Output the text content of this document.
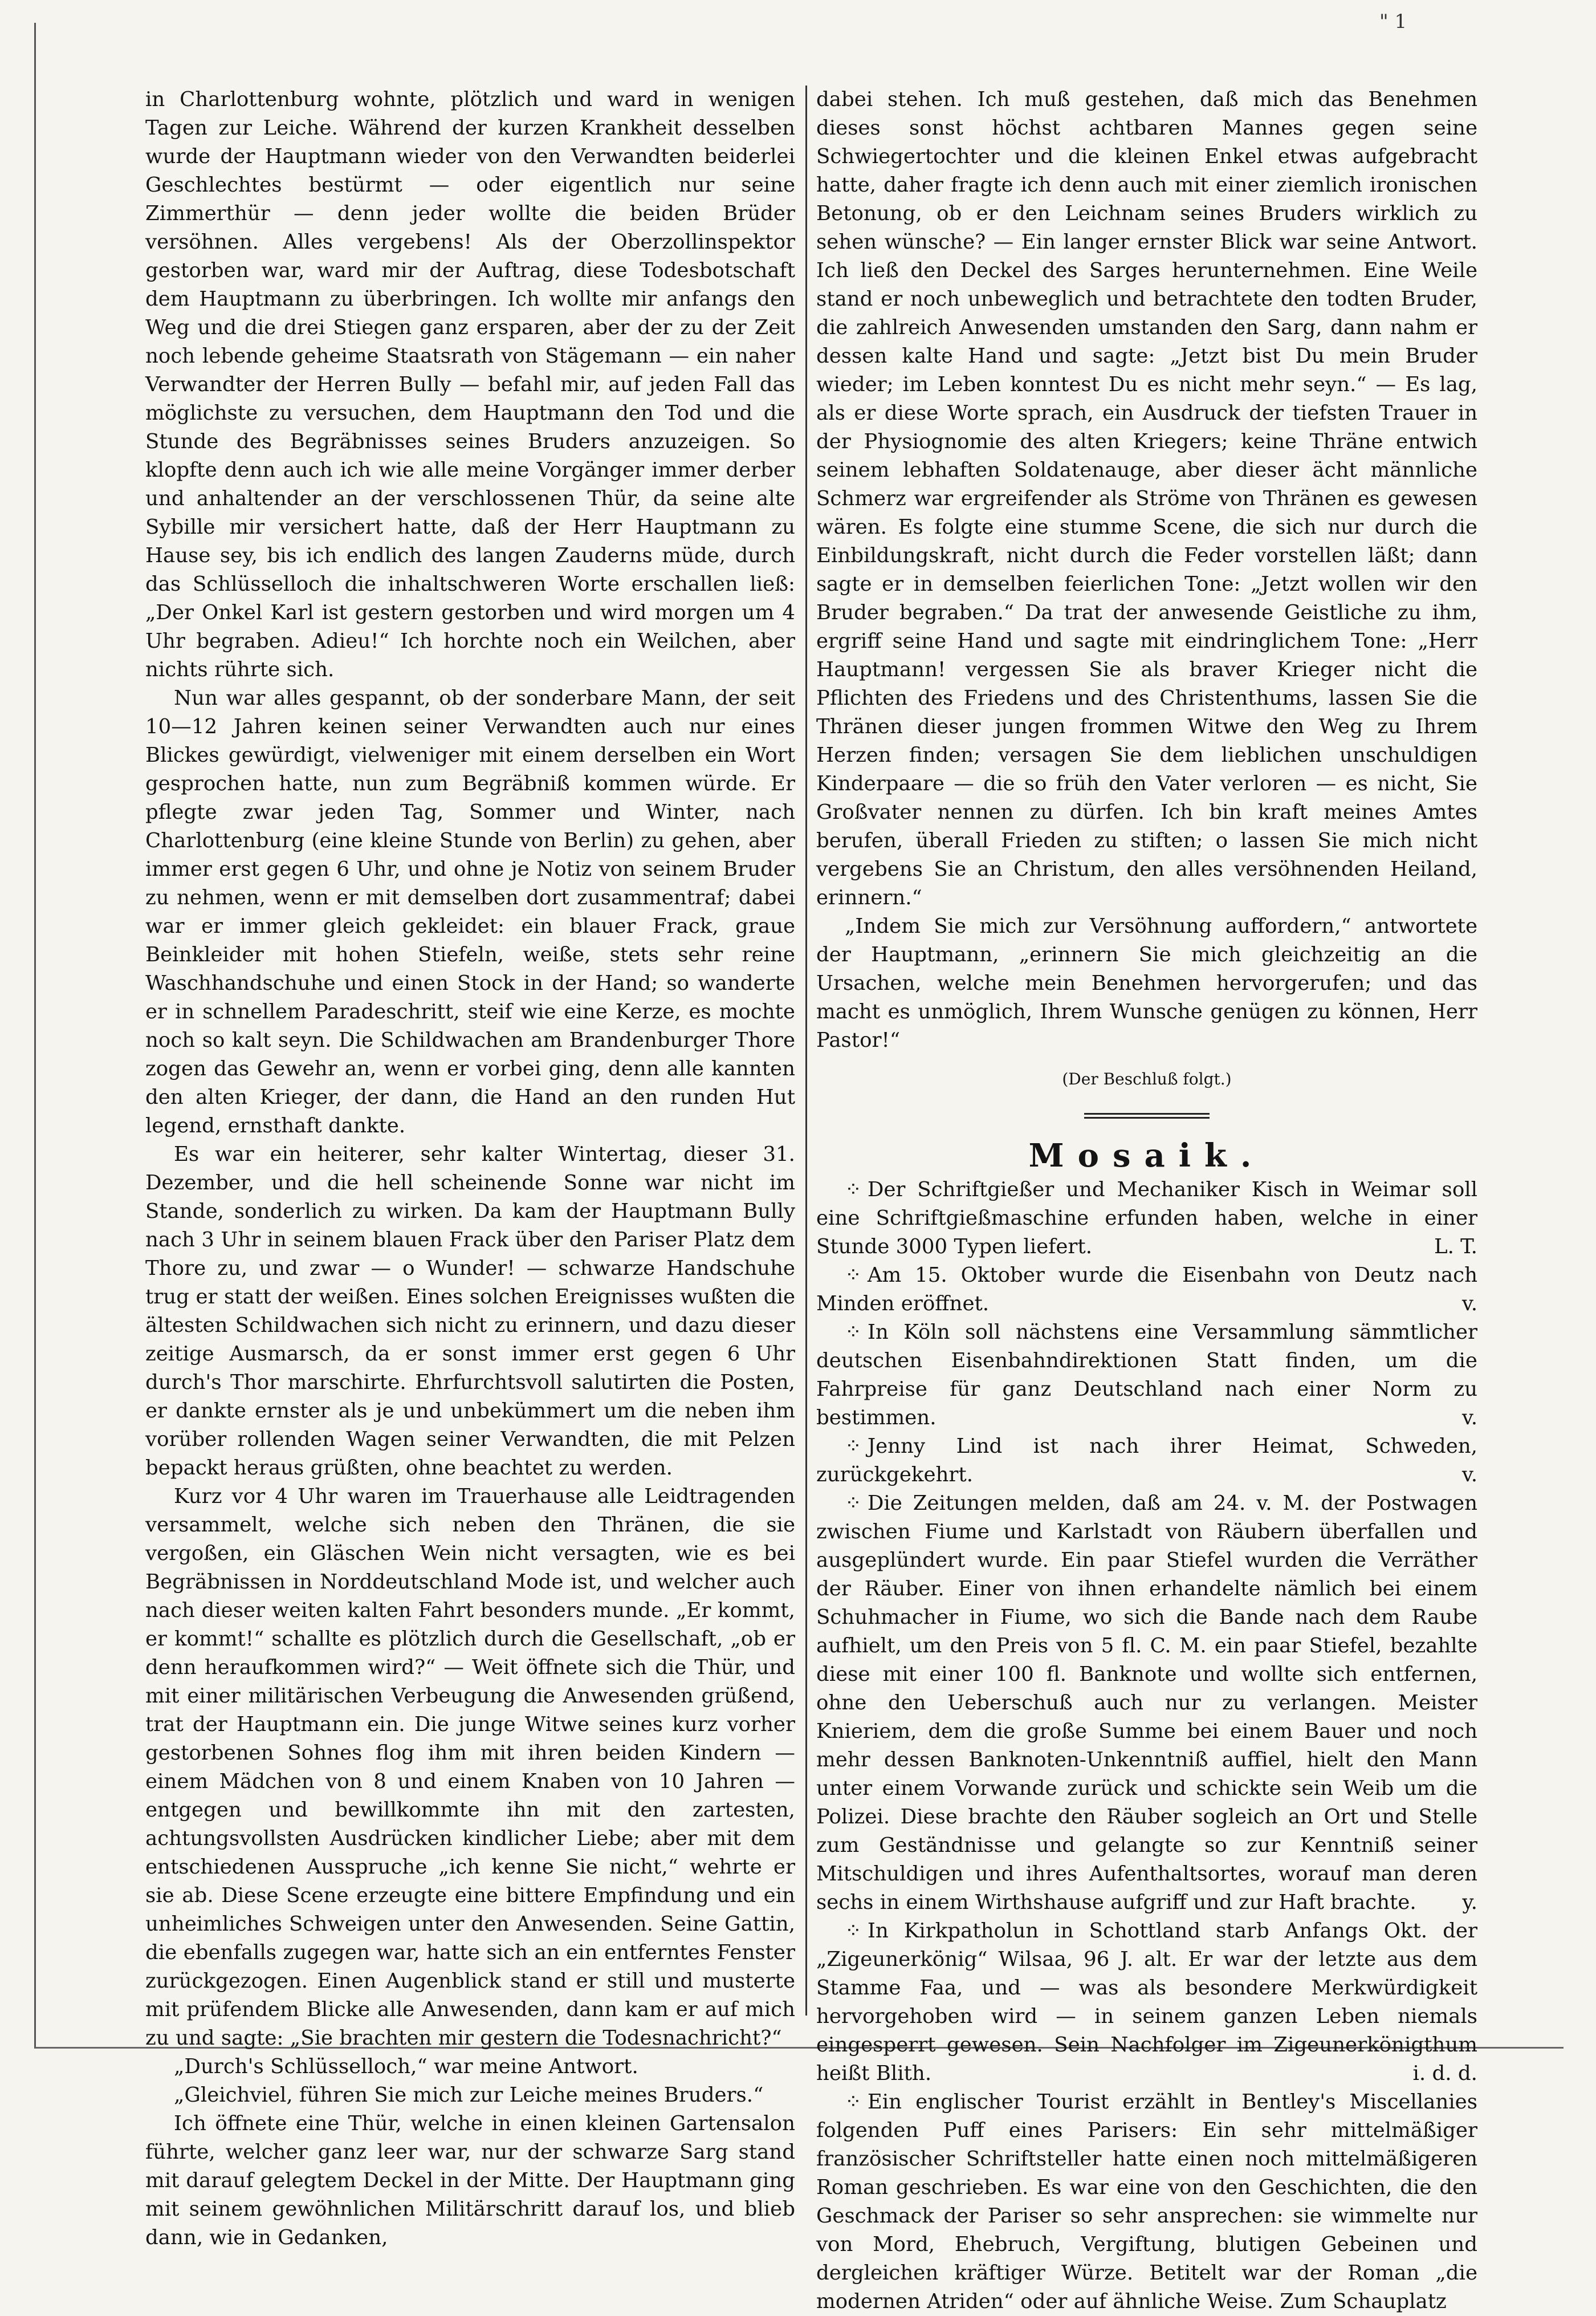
" 1

in Charlottenburg wohnte, plötzlich und ward in wenigen Tagen zur Leiche. Während der kurzen Krankheit desselben wurde der Hauptmann wieder von den Verwandten beiderlei Geschlechtes bestürmt — oder eigentlich nur seine Zimmerthür — denn jeder wollte die beiden Brüder versöhnen. Alles vergebens! Als der Oberzollinspektor gestorben war, ward mir der Auftrag, diese Todesbotschaft dem Hauptmann zu überbringen. Ich wollte mir anfangs den Weg und die drei Stiegen ganz ersparen, aber der zu der Zeit noch lebende geheime Staatsrath von Stägemann — ein naher Verwandter der Herren Bully — befahl mir, auf jeden Fall das möglichste zu versuchen, dem Hauptmann den Tod und die Stunde des Begräbnisses seines Bruders anzuzeigen. So klopfte denn auch ich wie alle meine Vorgänger immer derber und anhaltender an der verschlossenen Thür, da seine alte Sybille mir versichert hatte, daß der Herr Hauptmann zu Hause sey, bis ich endlich des langen Zauderns müde, durch das Schlüsselloch die inhaltschweren Worte erschallen ließ: „Der Onkel Karl ist gestern gestorben und wird morgen um 4 Uhr begraben. Adieu!“ Ich horchte noch ein Weilchen, aber nichts rührte sich.

Nun war alles gespannt, ob der sonderbare Mann, der seit 10—12 Jahren keinen seiner Verwandten auch nur eines Blickes gewürdigt, vielweniger mit einem derselben ein Wort gesprochen hatte, nun zum Begräbniß kommen würde. Er pflegte zwar jeden Tag, Sommer und Winter, nach Charlottenburg (eine kleine Stunde von Berlin) zu gehen, aber immer erst gegen 6 Uhr, und ohne je Notiz von seinem Bruder zu nehmen, wenn er mit demselben dort zusammentraf; dabei war er immer gleich gekleidet: ein blauer Frack, graue Beinkleider mit hohen Stiefeln, weiße, stets sehr reine Waschhandschuhe und einen Stock in der Hand; so wanderte er in schnellem Paradeschritt, steif wie eine Kerze, es mochte noch so kalt seyn. Die Schildwachen am Brandenburger Thore zogen das Gewehr an, wenn er vorbei ging, denn alle kannten den alten Krieger, der dann, die Hand an den runden Hut legend, ernsthaft dankte.

Es war ein heiterer, sehr kalter Wintertag, dieser 31. Dezember, und die hell scheinende Sonne war nicht im Stande, sonderlich zu wirken. Da kam der Hauptmann Bully nach 3 Uhr in seinem blauen Frack über den Pariser Platz dem Thore zu, und zwar — o Wunder! — schwarze Handschuhe trug er statt der weißen. Eines solchen Ereignisses wußten die ältesten Schildwachen sich nicht zu erinnern, und dazu dieser zeitige Ausmarsch, da er sonst immer erst gegen 6 Uhr durch's Thor marschirte. Ehrfurchtsvoll salutirten die Posten, er dankte ernster als je und unbekümmert um die neben ihm vorüber rollenden Wagen seiner Verwandten, die mit Pelzen bepackt heraus grüßten, ohne beachtet zu werden.

Kurz vor 4 Uhr waren im Trauerhause alle Leidtragenden versammelt, welche sich neben den Thränen, die sie vergoßen, ein Gläschen Wein nicht versagten, wie es bei Begräbnissen in Norddeutschland Mode ist, und welcher auch nach dieser weiten kalten Fahrt besonders munde. „Er kommt, er kommt!“ schallte es plötzlich durch die Gesellschaft, „ob er denn heraufkommen wird?“ — Weit öffnete sich die Thür, und mit einer militärischen Verbeugung die Anwesenden grüßend, trat der Hauptmann ein. Die junge Witwe seines kurz vorher gestorbenen Sohnes flog ihm mit ihren beiden Kindern — einem Mädchen von 8 und einem Knaben von 10 Jahren — entgegen und bewillkommte ihn mit den zartesten, achtungsvollsten Ausdrücken kindlicher Liebe; aber mit dem entschiedenen Ausspruche „ich kenne Sie nicht,“ wehrte er sie ab. Diese Scene erzeugte eine bittere Empfindung und ein unheimliches Schweigen unter den Anwesenden. Seine Gattin, die ebenfalls zugegen war, hatte sich an ein entferntes Fenster zurückgezogen. Einen Augenblick stand er still und musterte mit prüfendem Blicke alle Anwesenden, dann kam er auf mich zu und sagte: „Sie brachten mir gestern die Todesnachricht?“

„Durch's Schlüsselloch,“ war meine Antwort.

„Gleichviel, führen Sie mich zur Leiche meines Bruders.“

Ich öffnete eine Thür, welche in einen kleinen Gartensalon führte, welcher ganz leer war, nur der schwarze Sarg stand mit darauf gelegtem Deckel in der Mitte. Der Hauptmann ging mit seinem gewöhnlichen Militärschritt darauf los, und blieb dann, wie in Gedanken,

dabei stehen. Ich muß gestehen, daß mich das Benehmen dieses sonst höchst achtbaren Mannes gegen seine Schwiegertochter und die kleinen Enkel etwas aufgebracht hatte, daher fragte ich denn auch mit einer ziemlich ironischen Betonung, ob er den Leichnam seines Bruders wirklich zu sehen wünsche? — Ein langer ernster Blick war seine Antwort. Ich ließ den Deckel des Sarges herunternehmen. Eine Weile stand er noch unbeweglich und betrachtete den todten Bruder, die zahlreich Anwesenden umstanden den Sarg, dann nahm er dessen kalte Hand und sagte: „Jetzt bist Du mein Bruder wieder; im Leben konntest Du es nicht mehr seyn.“ — Es lag, als er diese Worte sprach, ein Ausdruck der tiefsten Trauer in der Physiognomie des alten Kriegers; keine Thräne entwich seinem lebhaften Soldatenauge, aber dieser ächt männliche Schmerz war ergreifender als Ströme von Thränen es gewesen wären. Es folgte eine stumme Scene, die sich nur durch die Einbildungskraft, nicht durch die Feder vorstellen läßt; dann sagte er in demselben feierlichen Tone: „Jetzt wollen wir den Bruder begraben.“ Da trat der anwesende Geistliche zu ihm, ergriff seine Hand und sagte mit eindringlichem Tone: „Herr Hauptmann! vergessen Sie als braver Krieger nicht die Pflichten des Friedens und des Christenthums, lassen Sie die Thränen dieser jungen frommen Witwe den Weg zu Ihrem Herzen finden; versagen Sie dem lieblichen unschuldigen Kinderpaare — die so früh den Vater verloren — es nicht, Sie Großvater nennen zu dürfen. Ich bin kraft meines Amtes berufen, überall Frieden zu stiften; o lassen Sie mich nicht vergebens Sie an Christum, den alles versöhnenden Heiland, erinnern.“

„Indem Sie mich zur Versöhnung auffordern,“ antwortete der Hauptmann, „erinnern Sie mich gleichzeitig an die Ursachen, welche mein Benehmen hervorgerufen; und das macht es unmöglich, Ihrem Wunsche genügen zu können, Herr Pastor!“

(Der Beschluß folgt.)

Mosaik.

⁘ Der Schriftgießer und Mechaniker Kisch in Weimar soll eine Schriftgießmaschine erfunden haben, welche in einer Stunde 3000 Typen liefert.	L. T.

⁘ Am 15. Oktober wurde die Eisenbahn von Deutz nach Minden eröffnet.	v.

⁘ In Köln soll nächstens eine Versammlung sämmtlicher deutschen Eisenbahndirektionen Statt finden, um die Fahrpreise für ganz Deutschland nach einer Norm zu bestimmen.	v.

⁘ Jenny Lind ist nach ihrer Heimat, Schweden, zurückgekehrt.	v.

⁘ Die Zeitungen melden, daß am 24. v. M. der Postwagen zwischen Fiume und Karlstadt von Räubern überfallen und ausgeplündert wurde. Ein paar Stiefel wurden die Verräther der Räuber. Einer von ihnen erhandelte nämlich bei einem Schuhmacher in Fiume, wo sich die Bande nach dem Raube aufhielt, um den Preis von 5 fl. C. M. ein paar Stiefel, bezahlte diese mit einer 100 fl. Banknote und wollte sich entfernen, ohne den Ueberschuß auch nur zu verlangen. Meister Knieriem, dem die große Summe bei einem Bauer und noch mehr dessen Banknoten-Unkenntniß auffiel, hielt den Mann unter einem Vorwande zurück und schickte sein Weib um die Polizei. Diese brachte den Räuber sogleich an Ort und Stelle zum Geständnisse und gelangte so zur Kenntniß seiner Mitschuldigen und ihres Aufenthaltsortes, worauf man deren sechs in einem Wirthshause aufgriff und zur Haft brachte.	y.

⁘ In Kirkpatholun in Schottland starb Anfangs Okt. der „Zigeunerkönig“ Wilsaa, 96 J. alt. Er war der letzte aus dem Stamme Faa, und — was als besondere Merkwürdigkeit hervorgehoben wird — in seinem ganzen Leben niemals eingesperrt gewesen. Sein Nachfolger im Zigeunerkönigthum heißt Blith.	i. d. d.

⁘ Ein englischer Tourist erzählt in Bentley's Miscellanies folgenden Puff eines Parisers: Ein sehr mittelmäßiger französischer Schriftsteller hatte einen noch mittelmäßigeren Roman geschrieben. Es war eine von den Geschichten, die den Geschmack der Pariser so sehr ansprechen: sie wimmelte nur von Mord, Ehebruch, Vergiftung, blutigen Gebeinen und dergleichen kräftiger Würze. Betitelt war der Roman „die modernen Atriden“ oder auf ähnliche Weise. Zum Schauplatz
